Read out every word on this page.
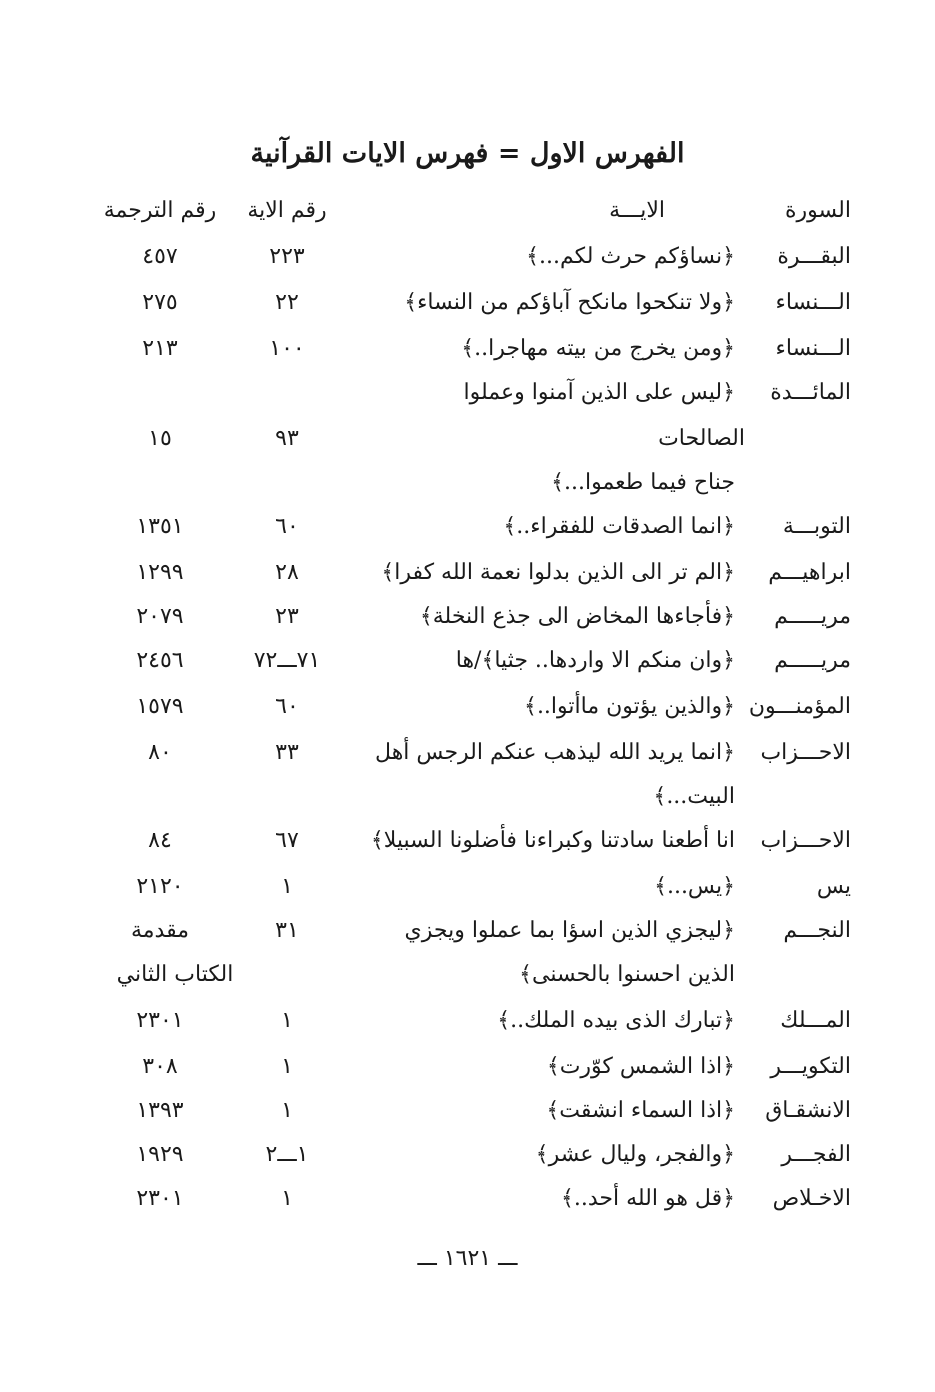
الفهرس الاول = فهرس الايات القرآنية
السورة
الايـــة
رقم الاية
رقم الترجمة
البقـــرة
﴿نساؤكم حرث لكم...﴾
٢٢٣
٤٥٧
الـــنساء
﴿ولا تنكحوا مانكح آباؤكم من النساء﴾
٢٢
٢٧٥
الـــنساء
﴿ومن يخرج من بيته مهاجرا..﴾
١٠٠
٢١٣
المائـــدة
﴿ليس على الذين آمنوا وعملوا
الصالحات
٩٣
١٥
جناح فيما طعموا...﴾
التوبـــة
﴿انما الصدقات للفقراء..﴾
٦٠
١٣٥١
ابراهيـــم
﴿الم تر الى الذين بدلوا نعمة الله كفرا﴾
٢٨
١٢٩٩
مريـــــم
﴿فأجاءها المخاض الى جذع النخلة﴾
٢٣
٢٠٧٩
مريـــــم
﴿وان منكم الا واردها.. جثيا﴾/ها
٧١ـــ٧٢
٢٤٥٦
المؤمنـــون
﴿والذين يؤتون ماأتوا..﴾
٦٠
١٥٧٩
الاحـــزاب
﴿انما يريد الله ليذهب عنكم الرجس أهل
٣٣
٨٠
البيت...﴾
الاحـــزاب
انا أطعنا سادتنا وكبراءنا فأضلونا السبيلا﴾
٦٧
٨٤
يس
﴿يس...﴾
١
٢١٢٠
النجـــم
﴿ليجزي الذين اسؤا بما عملوا ويجزي
٣١
مقدمة
الذين احسنوا بالحسنى﴾
الكتاب الثاني
المـــلك
﴿تبارك الذى بيده الملك..﴾
١
٢٣٠١
التكويـــر
﴿اذا الشمس كوّرت﴾
١
٣٠٨
الانشقـاق
﴿اذا السماء انشقت﴾
١
١٣٩٣
الفجـــر
﴿والفجر، وليال عشر﴾
١ـــ٢
١٩٢٩
الاخـلاص
﴿قل هو الله أحد..﴾
١
٢٣٠١
ـــ ١٦٢١ ـــ
